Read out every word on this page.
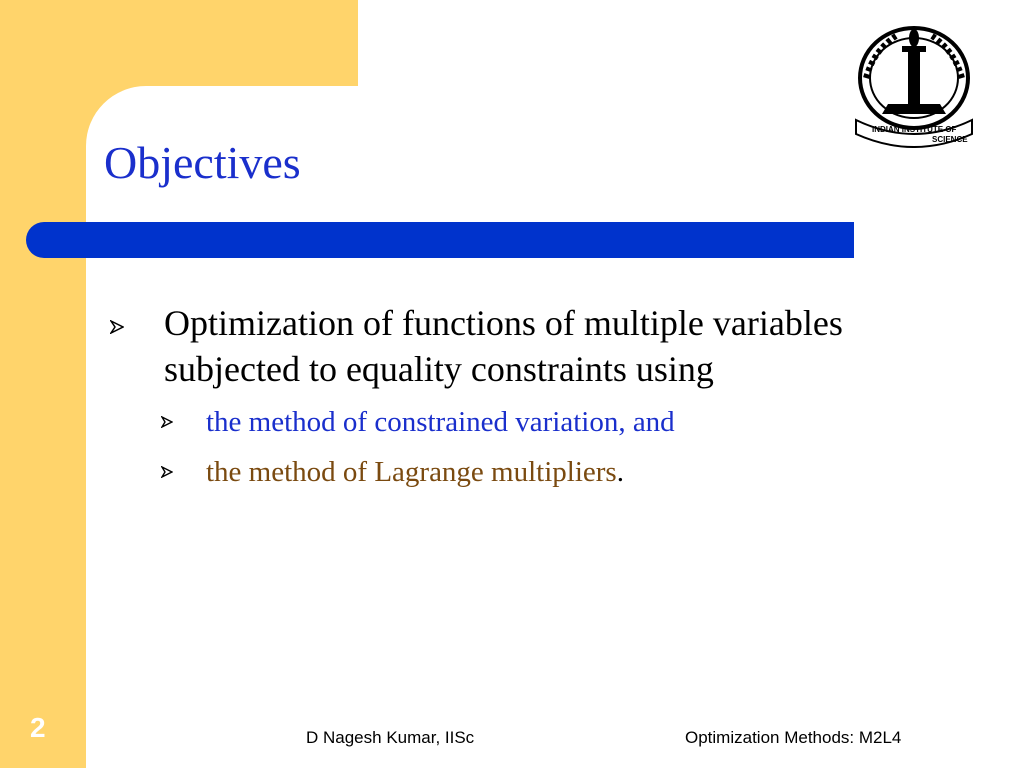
Objectives
INDIAN INSTITUTE OF
SCIENCE
Optimization of functions of multiple variables subjected to equality constraints using
the method of constrained variation, and
the method of Lagrange multipliers.
2	D Nagesh Kumar, IISc	Optimization Methods: M2L4
